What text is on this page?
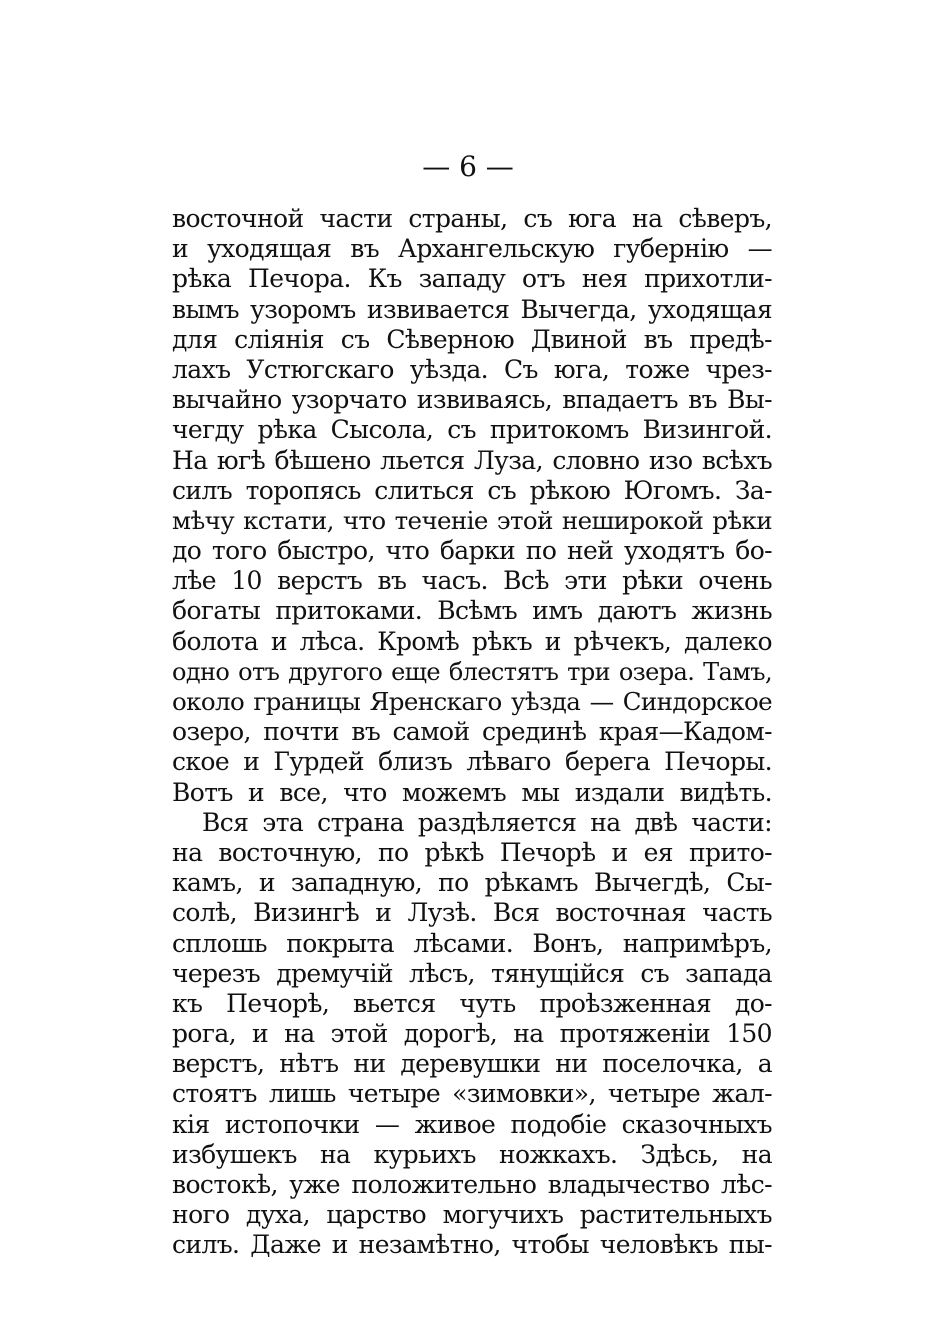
— 6 —
восточной части страны, съ юга на сѣверъ,
и уходящая въ Архангельскую губернію —
рѣка Печора. Къ западу отъ нея прихотли-
вымъ узоромъ извивается Вычегда, уходящая
для сліянія съ Сѣверною Двиной въ предѣ-
лахъ Устюгскаго уѣзда. Съ юга, тоже чрез-
вычайно узорчато извиваясь, впадаетъ въ Вы-
чегду рѣка Сысола, съ притокомъ Визингой.
На югѣ бѣшено льется Луза, словно изо всѣхъ
силъ торопясь слиться съ рѣкою Югомъ. За-
мѣчу кстати, что теченіе этой неширокой рѣки
до того быстро, что барки по ней уходятъ бо-
лѣе 10 верстъ въ часъ. Всѣ эти рѣки очень
богаты притоками. Всѣмъ имъ даютъ жизнь
болота и лѣса. Кромѣ рѣкъ и рѣчекъ, далеко
одно отъ другого еще блестятъ три озера. Тамъ,
около границы Яренскаго уѣзда — Синдорское
озеро, почти въ самой срединѣ края—Кадом-
ское и Гурдей близъ лѣваго берега Печоры.
Вотъ и все, что можемъ мы издали видѣть.
Вся эта страна раздѣляется на двѣ части:
на восточную, по рѣкѣ Печорѣ и ея прито-
камъ, и западную, по рѣкамъ Вычегдѣ, Сы-
солѣ, Визингѣ и Лузѣ. Вся восточная часть
сплошь покрыта лѣсами. Вонъ, напримѣръ,
черезъ дремучій лѣсъ, тянущійся съ запада
къ Печорѣ, вьется чуть проѣзженная до-
рога, и на этой дорогѣ, на протяженіи 150
верстъ, нѣтъ ни деревушки ни поселочка, а
стоятъ лишь четыре «зимовки», четыре жал-
кія истопочки — живое подобіе сказочныхъ
избушекъ на курьихъ ножкахъ. Здѣсь, на
востокѣ, уже положительно владычество лѣс-
ного духа, царство могучихъ растительныхъ
силъ. Даже и незамѣтно, чтобы человѣкъ пы-
